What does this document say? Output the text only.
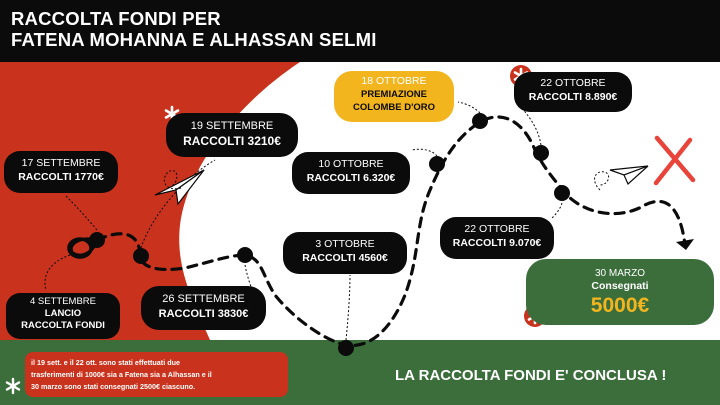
RACCOLTA FONDI PER
FATENA MOHANNA E ALHASSAN SELMI
4 SETTEMBRE
LANCIO
RACCOLTA FONDI
17 SETTEMBRE
RACCOLTI 1770€
19 SETTEMBRE
RACCOLTI 3210€
26 SETTEMBRE
RACCOLTI 3830€
3 OTTOBRE
RACCOLTI 4560€
10 OTTOBRE
RACCOLTI 6.320€
18 OTTOBRE
PREMIAZIONE
COLOMBE D'ORO
22 OTTOBRE
RACCOLTI 8.890€
22 OTTOBRE
RACCOLTI 9.070€
30 MARZO
Consegnati
5000€
il 19 sett. e il 22 ott. sono stati effettuati due
trasferimenti di 1000€ sia a Fatena sia a Alhassan e il
30 marzo sono stati consegnati 2500€ ciascuno.
LA RACCOLTA FONDI E' CONCLUSA !
